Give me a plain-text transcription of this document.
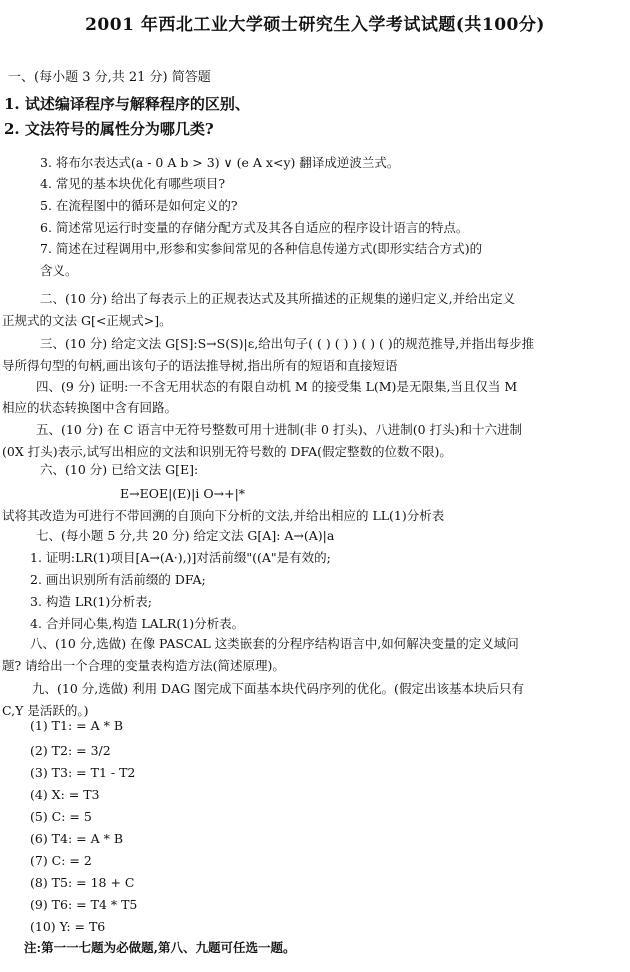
2001 年西北工业大学硕士研究生入学考试试题(共100分)
一、(每小题 3 分,共 21 分) 简答题
1. 试述编译程序与解释程序的区别、
2. 文法符号的属性分为哪几类?
3. 将布尔表达式(a - 0 A b > 3) ∨ (e A x<y) 翻译成逆波兰式。
4. 常见的基本块优化有哪些项目?
5. 在流程图中的循环是如何定义的?
6. 简述常见运行时变量的存储分配方式及其各自适应的程序设计语言的特点。
7. 简述在过程调用中,形参和实参间常见的各种信息传递方式(即形实结合方式)的
含义。
二、(10 分) 给出了每表示上的正规表达式及其所描述的正规集的递归定义,并给出定义
正规式的文法 G[<正规式>]。
三、(10 分) 给定文法 G[S]:S→S(S)|ε,给出句子( ( ) ( ) ) ( ) ( )的规范推导,并指出每步推
导所得句型的句柄,画出该句子的语法推导树,指出所有的短语和直接短语
四、(9 分) 证明:一不含无用状态的有限自动机 M 的接受集 L(M)是无限集,当且仅当 M
相应的状态转换图中含有回路。
五、(10 分) 在 C 语言中无符号整数可用十进制(非 0 打头)、八进制(0 打头)和十六进制
(0X 打头)表示,试写出相应的文法和识别无符号数的 DFA(假定整数的位数不限)。
六、(10 分) 已给文法 G[E]:
E→EOE|(E)|i O→+|*
试将其改造为可进行不带回溯的自顶向下分析的文法,并给出相应的 LL(1)分析表
七、(每小题 5 分,共 20 分) 给定文法 G[A]: A→(A)|a
1. 证明:LR(1)项目[A→(A·),)]对活前缀"((A"是有效的;
2. 画出识别所有活前缀的 DFA;
3. 构造 LR(1)分析表;
4. 合并同心集,构造 LALR(1)分析表。
八、(10 分,选做) 在像 PASCAL 这类嵌套的分程序结构语言中,如何解决变量的定义域问
题? 请给出一个合理的变量表构造方法(简述原理)。
九、(10 分,选做) 利用 DAG 图完成下面基本块代码序列的优化。(假定出该基本块后只有
C,Y 是活跃的。)
(1) T1: = A * B
(2) T2: = 3/2
(3) T3: = T1 - T2
(4) X: = T3
(5) C: = 5
(6) T4: = A * B
(7) C: = 2
(8) T5: = 18 + C
(9) T6: = T4 * T5
(10) Y: = T6
注:第一一七题为必做题,第八、九题可任选一题。
